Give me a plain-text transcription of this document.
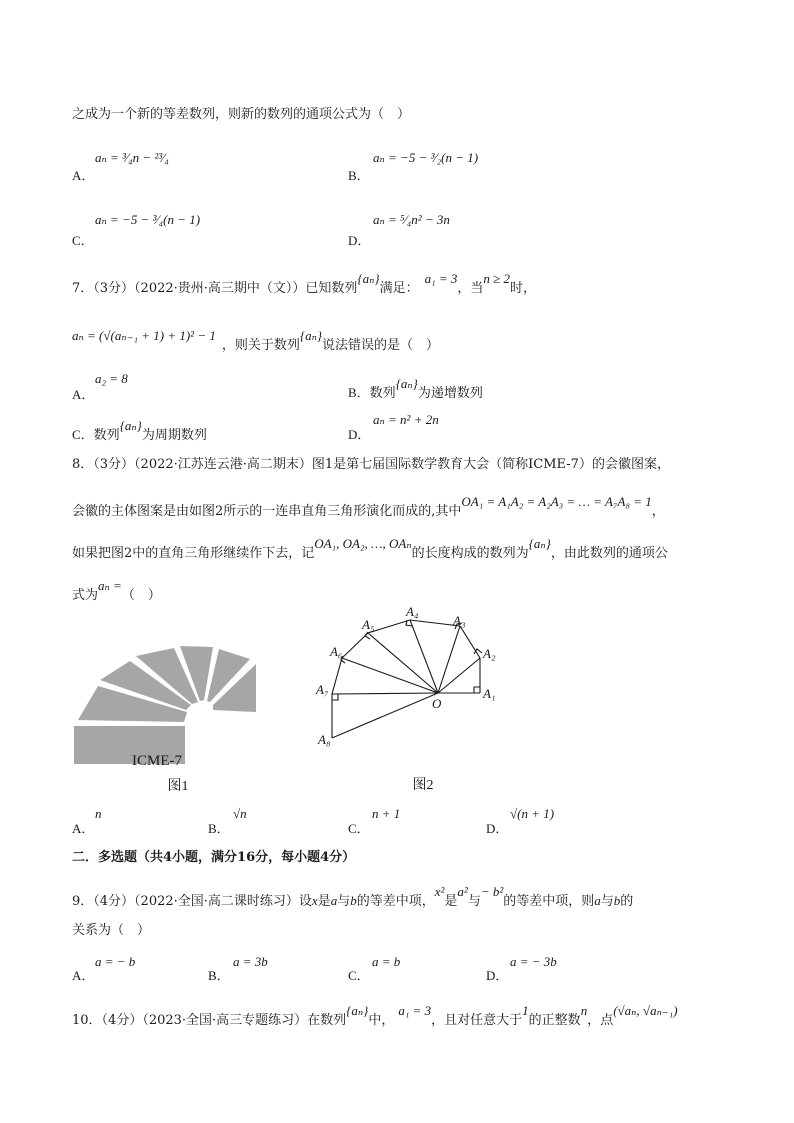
之成为一个新的等差数列，则新的数列的通项公式为（　）
A．
aₙ = ³⁄₄n − ²³⁄₄
B．
aₙ = −5 − ³⁄₂(n − 1)
C．
aₙ = −5 − ³⁄₄(n − 1)
D．
aₙ = ⁵⁄₄n² − 3n
7．（3分）（2022·贵州·高三期中（文））已知数列{aₙ}满足：a₁ = 3，当n ≥ 2时，
aₙ = (√(aₙ₋₁ + 1) + 1)² − 1，则关于数列{aₙ}说法错误的是（　）
A．
a₂ = 8
B．数列{aₙ}为递增数列
C．数列{aₙ}为周期数列	D．
aₙ = n² + 2n
8．（3分）（2022·江苏连云港·高二期末）图1是第七届国际数学教育大会（简称ICME-7）的会徽图案，
会徽的主体图案是由如图2所示的一连串直角三角形演化而成的,其中OA₁ = A₁A₂ = A₂A₃ = … = A₇A₈ = 1，
如果把图2中的直角三角形继续作下去，记OA₁, OA₂, …, OAₙ的长度构成的数列为{aₙ}，由此数列的通项公
式为aₙ =（　）
ICME-7
图1
A₁
A₂
A₃
A₄
A₅
A₆
A₇
A₈
O
图2
A．
n
B．
√n
C．
n + 1
D．
√(n + 1)
二．多选题（共4小题，满分16分，每小题4分）
9．（4分）（2022·全国·高二课时练习）设x是a与b的等差中项，x²是a²与− b²的等差中项，则a与b的
关系为（　）
A．
a = − b
B．
a = 3b
C．
a = b
D．
a = − 3b
10．（4分）（2023·全国·高三专题练习）在数列{aₙ}中，a₁ = 3，且对任意大于1的正整数n，点(√aₙ, √aₙ₋₁)
